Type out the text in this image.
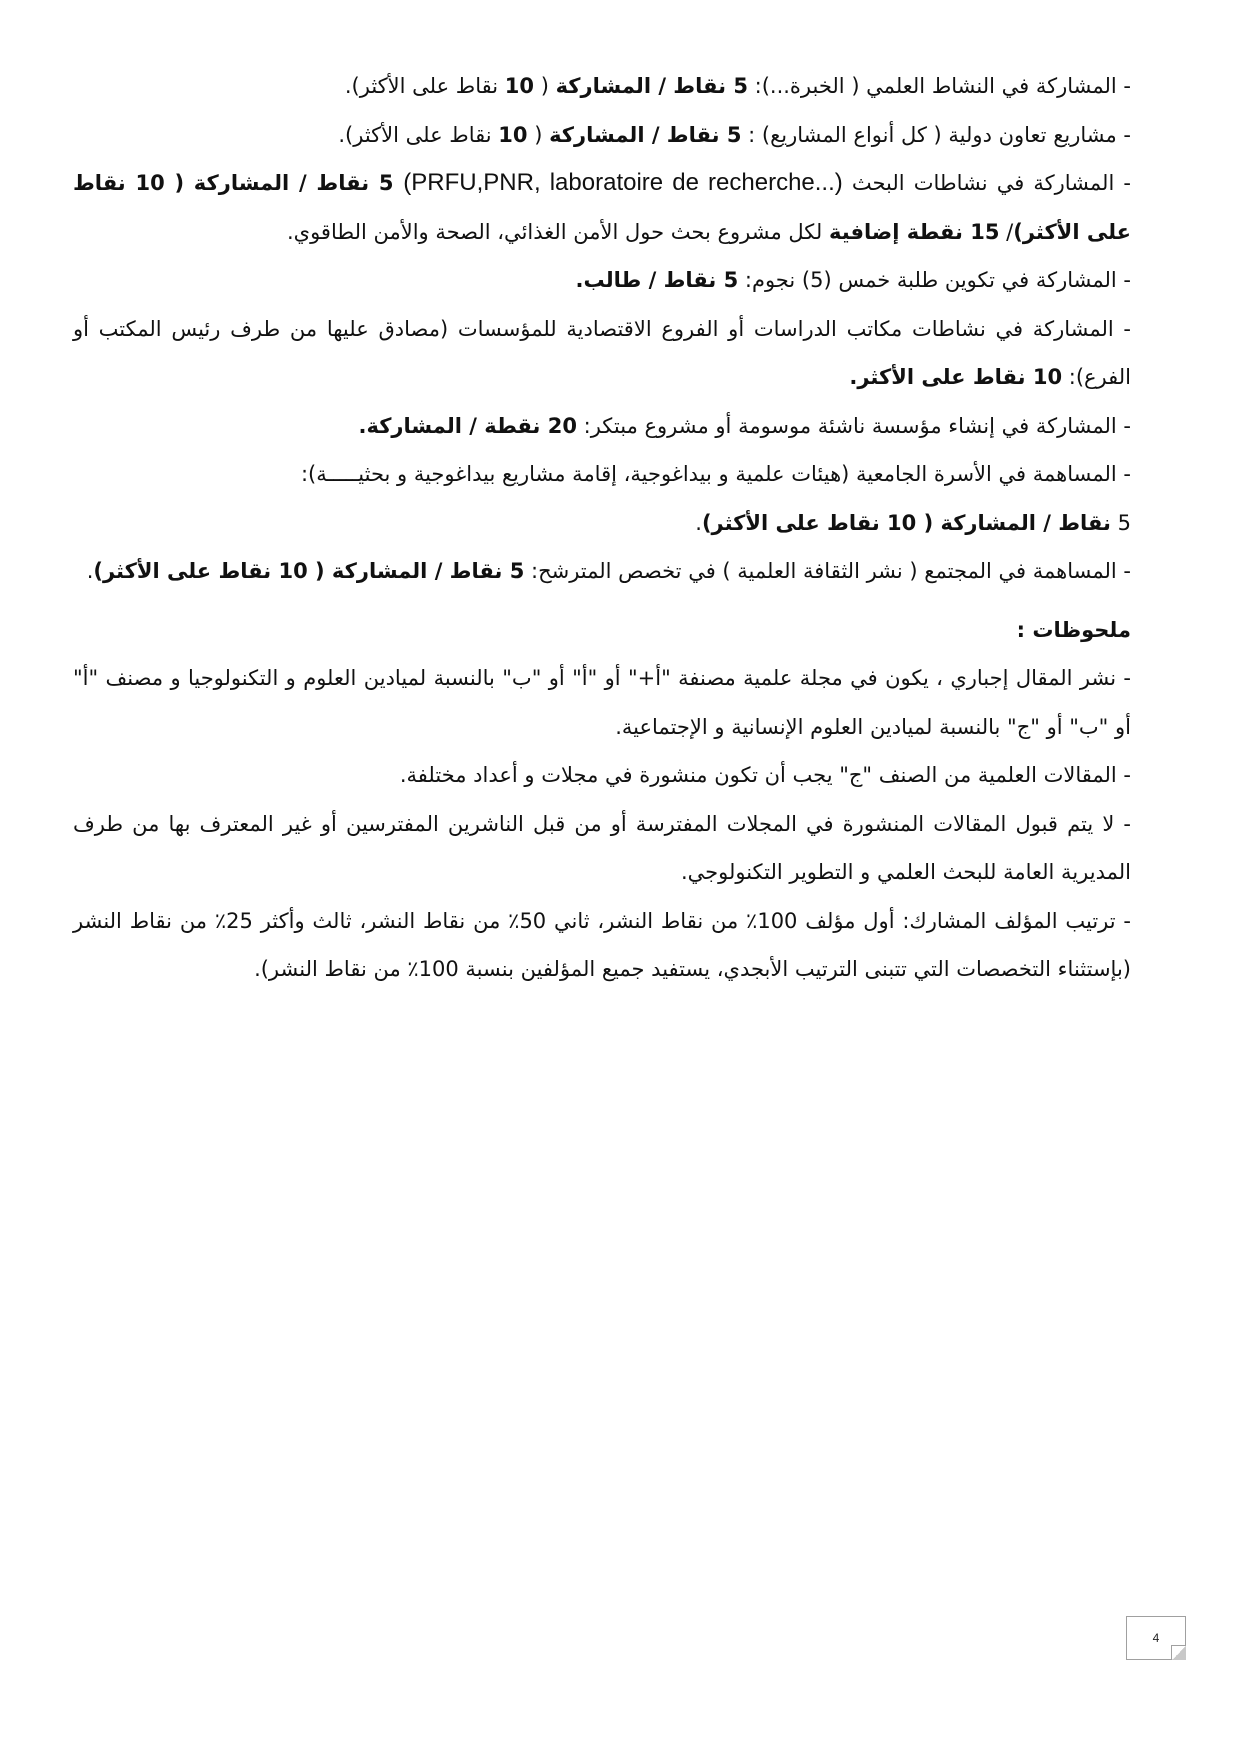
- المشاركة في النشاط العلمي ( الخبرة...): 5 نقاط / المشاركة ( 10 نقاط على الأكثر).

- مشاريع تعاون دولية ( كل أنواع المشاريع) : 5 نقاط / المشاركة ( 10 نقاط على الأكثر).

- المشاركة في نشاطات البحث (PRFU,PNR, laboratoire de recherche...) 5 نقاط / المشاركة ( 10 نقاط على الأكثر)/ 15 نقطة إضافية لكل مشروع بحث حول الأمن الغذائي، الصحة والأمن الطاقوي.

- المشاركة في تكوين طلبة خمس (5) نجوم: 5 نقاط / طالب.

- المشاركة في نشاطات مكاتب الدراسات أو الفروع الاقتصادية للمؤسسات (مصادق عليها من طرف رئيس المكتب أو الفرع): 10 نقاط على الأكثر.

- المشاركة في إنشاء مؤسسة ناشئة موسومة أو مشروع مبتكر: 20 نقطة / المشاركة.

- المساهمة في الأسرة الجامعية (هيئات علمية و بيداغوجية، إقامة مشاريع بيداغوجية و بحثيـــــة):

5 نقاط / المشاركة ( 10 نقاط على الأكثر).

- المساهمة في المجتمع ( نشر الثقافة العلمية ) في تخصص المترشح: 5 نقاط / المشاركة ( 10 نقاط على الأكثر).

ملحوظات :

- نشر المقال إجباري ، يكون في مجلة علمية مصنفة "أ+" أو "أ" أو "ب" بالنسبة لميادين العلوم و التكنولوجيا و مصنف "أ" أو "ب" أو "ج" بالنسبة لميادين العلوم الإنسانية و الإجتماعية.

- المقالات العلمية من الصنف "ج" يجب أن تكون منشورة في مجلات و أعداد مختلفة.

- لا يتم قبول المقالات المنشورة في المجلات المفترسة أو من قبل الناشرين المفترسين أو غير المعترف بها من طرف المديرية العامة للبحث العلمي و التطوير التكنولوجي.

- ترتيب المؤلف المشارك: أول مؤلف 100٪ من نقاط النشر، ثاني 50٪ من نقاط النشر، ثالث وأكثر 25٪ من نقاط النشر (بإستثناء التخصصات التي تتبنى الترتيب الأبجدي، يستفيد جميع المؤلفين بنسبة 100٪ من نقاط النشر).

4
